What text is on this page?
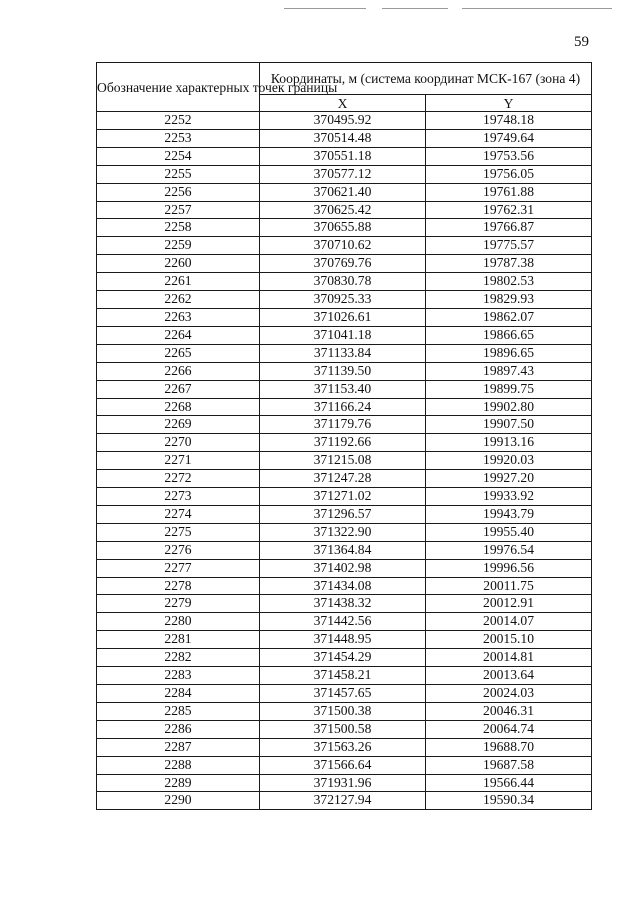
59
Обозначение характерных точек границы	Координаты, м (система координат МСК-167 (зона 4)	
	X	Y
2252	370495.92	19748.18
2253	370514.48	19749.64
2254	370551.18	19753.56
2255	370577.12	19756.05
2256	370621.40	19761.88
2257	370625.42	19762.31
2258	370655.88	19766.87
2259	370710.62	19775.57
2260	370769.76	19787.38
2261	370830.78	19802.53
2262	370925.33	19829.93
2263	371026.61	19862.07
2264	371041.18	19866.65
2265	371133.84	19896.65
2266	371139.50	19897.43
2267	371153.40	19899.75
2268	371166.24	19902.80
2269	371179.76	19907.50
2270	371192.66	19913.16
2271	371215.08	19920.03
2272	371247.28	19927.20
2273	371271.02	19933.92
2274	371296.57	19943.79
2275	371322.90	19955.40
2276	371364.84	19976.54
2277	371402.98	19996.56
2278	371434.08	20011.75
2279	371438.32	20012.91
2280	371442.56	20014.07
2281	371448.95	20015.10
2282	371454.29	20014.81
2283	371458.21	20013.64
2284	371457.65	20024.03
2285	371500.38	20046.31
2286	371500.58	20064.74
2287	371563.26	19688.70
2288	371566.64	19687.58
2289	371931.96	19566.44
2290	372127.94	19590.34
